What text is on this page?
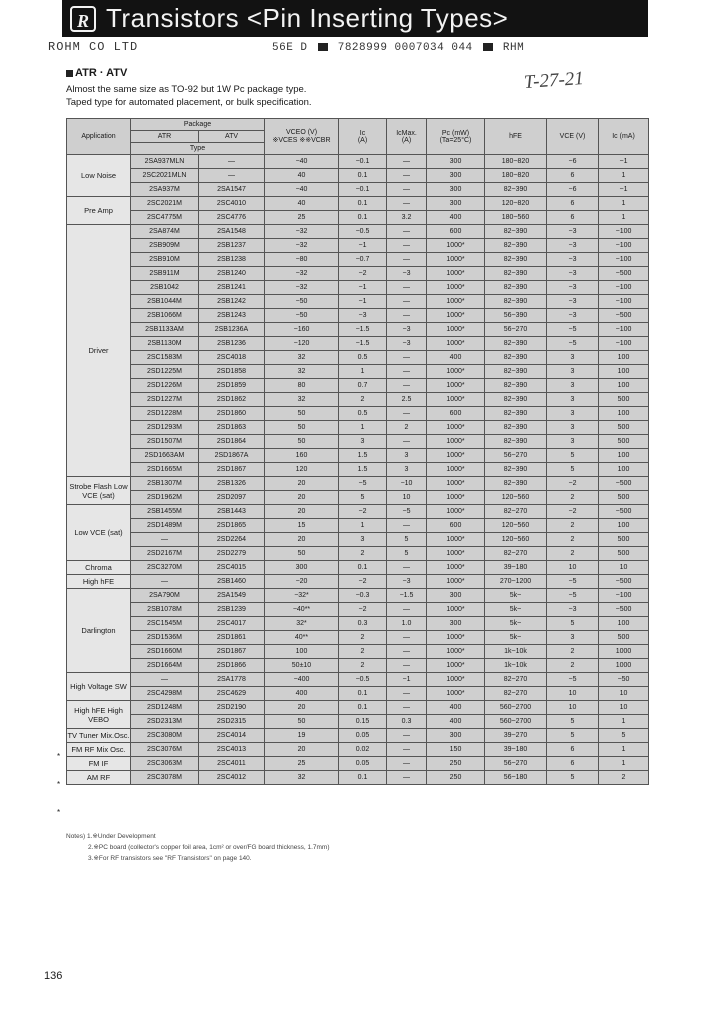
R Transistors <Pin Inserting Types>
ROHM CO LTD	56E D	7828999 0007034 044	RHM
T-27-21
ATR · ATV
Almost the same size as TO-92 but 1W Pc package type.
Taped type for automated placement, or bulk specification.
Application	Package		VCEO (V)
※VCES ※※VCBR	Ic
(A)	IcMax.
(A)	Pc (mW)
(Ta=25°C)	hFE	VCE (V)	Ic (mA)
	ATR	ATV							
	Type								
Low Noise	2SA937MLN	—	−40	−0.1	—	300	180~820	−6	−1
	2SC2021MLN	—	40	0.1	—	300	180~820	6	1
	2SA937M	2SA1547	−40	−0.1	—	300	82~390	−6	−1
Pre Amp	2SC2021M	2SC4010	40	0.1	—	300	120~820	6	1
	2SC4775M	2SC4776	25	0.1	3.2	400	180~560	6	1
Driver	2SA874M	2SA1548	−32	−0.5	—	600	82~390	−3	−100
	2SB909M	2SB1237	−32	−1	—	1000*	82~390	−3	−100
	2SB910M	2SB1238	−80	−0.7	—	1000*	82~390	−3	−100
	2SB911M	2SB1240	−32	−2	−3	1000*	82~390	−3	−500
	2SB1042	2SB1241	−32	−1	—	1000*	82~390	−3	−100
	2SB1044M	2SB1242	−50	−1	—	1000*	82~390	−3	−100
	2SB1066M	2SB1243	−50	−3	—	1000*	56~390	−3	−500
	2SB1133AM	2SB1236A	−160	−1.5	−3	1000*	56~270	−5	−100
	2SB1130M	2SB1236	−120	−1.5	−3	1000*	82~390	−5	−100
	2SC1583M	2SC4018	32	0.5	—	400	82~390	3	100
	2SD1225M	2SD1858	32	1	—	1000*	82~390	3	100
	2SD1226M	2SD1859	80	0.7	—	1000*	82~390	3	100
	2SD1227M	2SD1862	32	2	2.5	1000*	82~390	3	500
	2SD1228M	2SD1860	50	0.5	—	600	82~390	3	100
	2SD1293M	2SD1863	50	1	2	1000*	82~390	3	500
	2SD1507M	2SD1864	50	3	—	1000*	82~390	3	500
	2SD1663AM	2SD1867A	160	1.5	3	1000*	56~270	5	100
	2SD1665M	2SD1867	120	1.5	3	1000*	82~390	5	100
Strobe Flash Low VCE (sat)	2SB1307M	2SB1326	20	−5	−10	1000*	82~390	−2	−500
	2SD1962M	2SD2097	20	5	10	1000*	120~560	2	500
Low VCE (sat)	2SB1455M	2SB1443	20	−2	−5	1000*	82~270	−2	−500
	2SD1489M	2SD1865	15	1	—	600	120~560	2	100
	—	2SD2264	20	3	5	1000*	120~560	2	500
	2SD2167M	2SD2279	50	2	5	1000*	82~270	2	500
Chroma	2SC3270M	2SC4015	300	0.1	—	1000*	39~180	10	10
High hFE	—	2SB1460	−20	−2	−3	1000*	270~1200	−5	−500
Darlington	2SA790M	2SA1549	−32*	−0.3	−1.5	300	5k~	−5	−100
	2SB1078M	2SB1239	−40**	−2	—	1000*	5k~	−3	−500
	2SC1545M	2SC4017	32*	0.3	1.0	300	5k~	5	100
	2SD1536M	2SD1861	40**	2	—	1000*	5k~	3	500
	2SD1660M	2SD1867	100	2	—	1000*	1k~10k	2	1000
	2SD1664M	2SD1866	50±10	2	—	1000*	1k~10k	2	1000
High Voltage SW	—	2SA1778	−400	−0.5	−1	1000*	82~270	−5	−50
	2SC4298M	2SC4629	400	0.1	—	1000*	82~270	10	10
High hFE High VEBO	2SD1248M	2SD2190	20	0.1	—	400	560~2700	10	10
	2SD2313M	2SD2315	50	0.15	0.3	400	560~2700	5	1
TV Tuner Mix.Osc.	2SC3080M	2SC4014	19	0.05	—	300	39~270	5	5
FM RF Mix Osc.	2SC3076M	2SC4013	20	0.02	—	150	39~180	6	1
FM IF	2SC3063M	2SC4011	25	0.05	—	250	56~270	6	1
AM RF	2SC3078M	2SC4012	32	0.1	—	250	56~180	5	2
*
*
*
Notes) 1.※Under Development
2.※PC board (collector's copper foil area, 1cm² or over/FG board thickness, 1.7mm)
3.※For RF transistors see "RF Transistors" on page 140.
136
